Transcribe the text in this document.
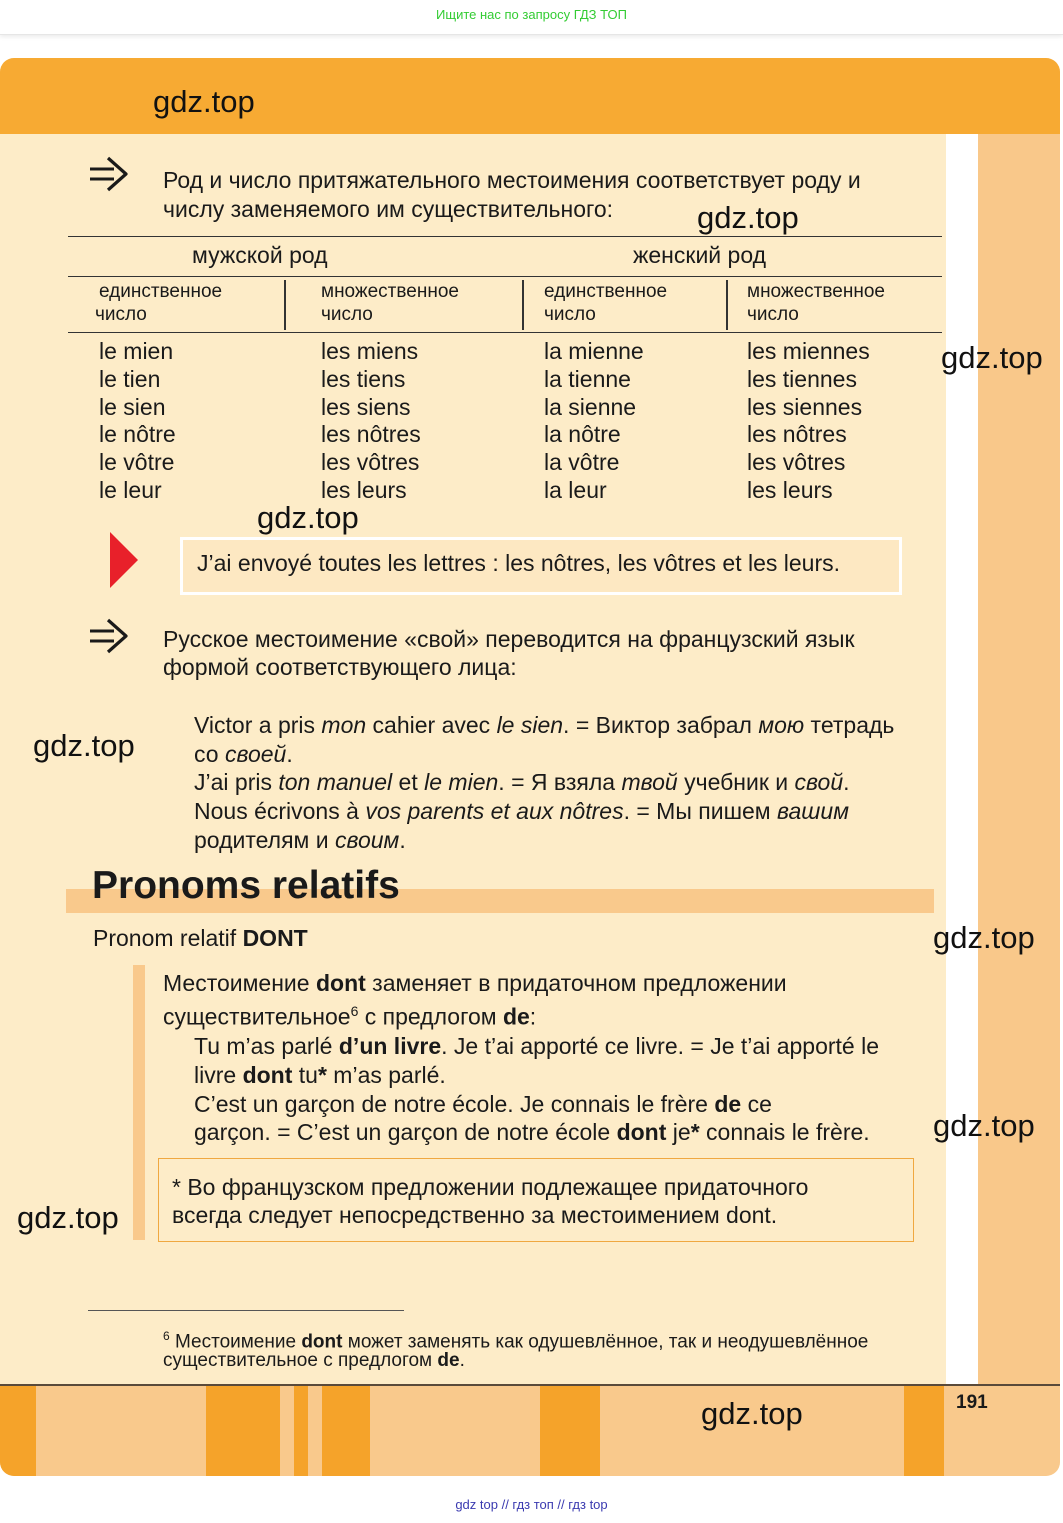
Ищите нас по запросу ГДЗ ТОП
gdz.top
gdz.top
gdz.top
gdz.top
gdz.top
gdz.top
gdz.top
gdz.top
gdz.top
Род и число притяжательного местоимения соответствует роду и
числу заменяемого им существительного:
мужской род	женский род
единственное
число
множественное
число
единственное
число
множественное
число
le mien
le tien
le sien
le nôtre
le vôtre
le leur
les miens
les tiens
les siens
les nôtres
les vôtres
les leurs
la mienne
la tienne
la sienne
la nôtre
la vôtre
la leur
les miennes
les tiennes
les siennes
les nôtres
les vôtres
les leurs
J’ai envoyé toutes les lettres : les nôtres, les vôtres et les leurs.
Русское местоимение «свой» переводится на французский язык
формой соответствующего лица:
Victor a pris mon cahier avec le sien. = Виктор забрал мою тетрадь
со своей.
J’ai pris ton manuel et le mien. = Я взяла твой учебник и свой.
Nous écrivons à vos parents et aux nôtres. = Мы пишем вашим
родителям и своим.
Pronoms relatifs
Pronom relatif DONT
Местоимение dont заменяет в придаточном предложении
существительное$^6$ с предлогом de:
Tu m’as parlé d’un livre. Je t’ai apporté ce livre. = Je t’ai apporté le
livre dont tu* m’as parlé.
C’est un garçon de notre école. Je connais le frère de ce
garçon. = C’est un garçon de notre école dont je* connais le frère.
* Во французском предложении подлежащее придаточного
всегда следует непосредственно за местоимением dont.
$^6$ Местоимение dont может заменять как одушевлённое, так и неодушевлённое
существительное с предлогом de.
191
gdz top // гдз топ // гдз top
